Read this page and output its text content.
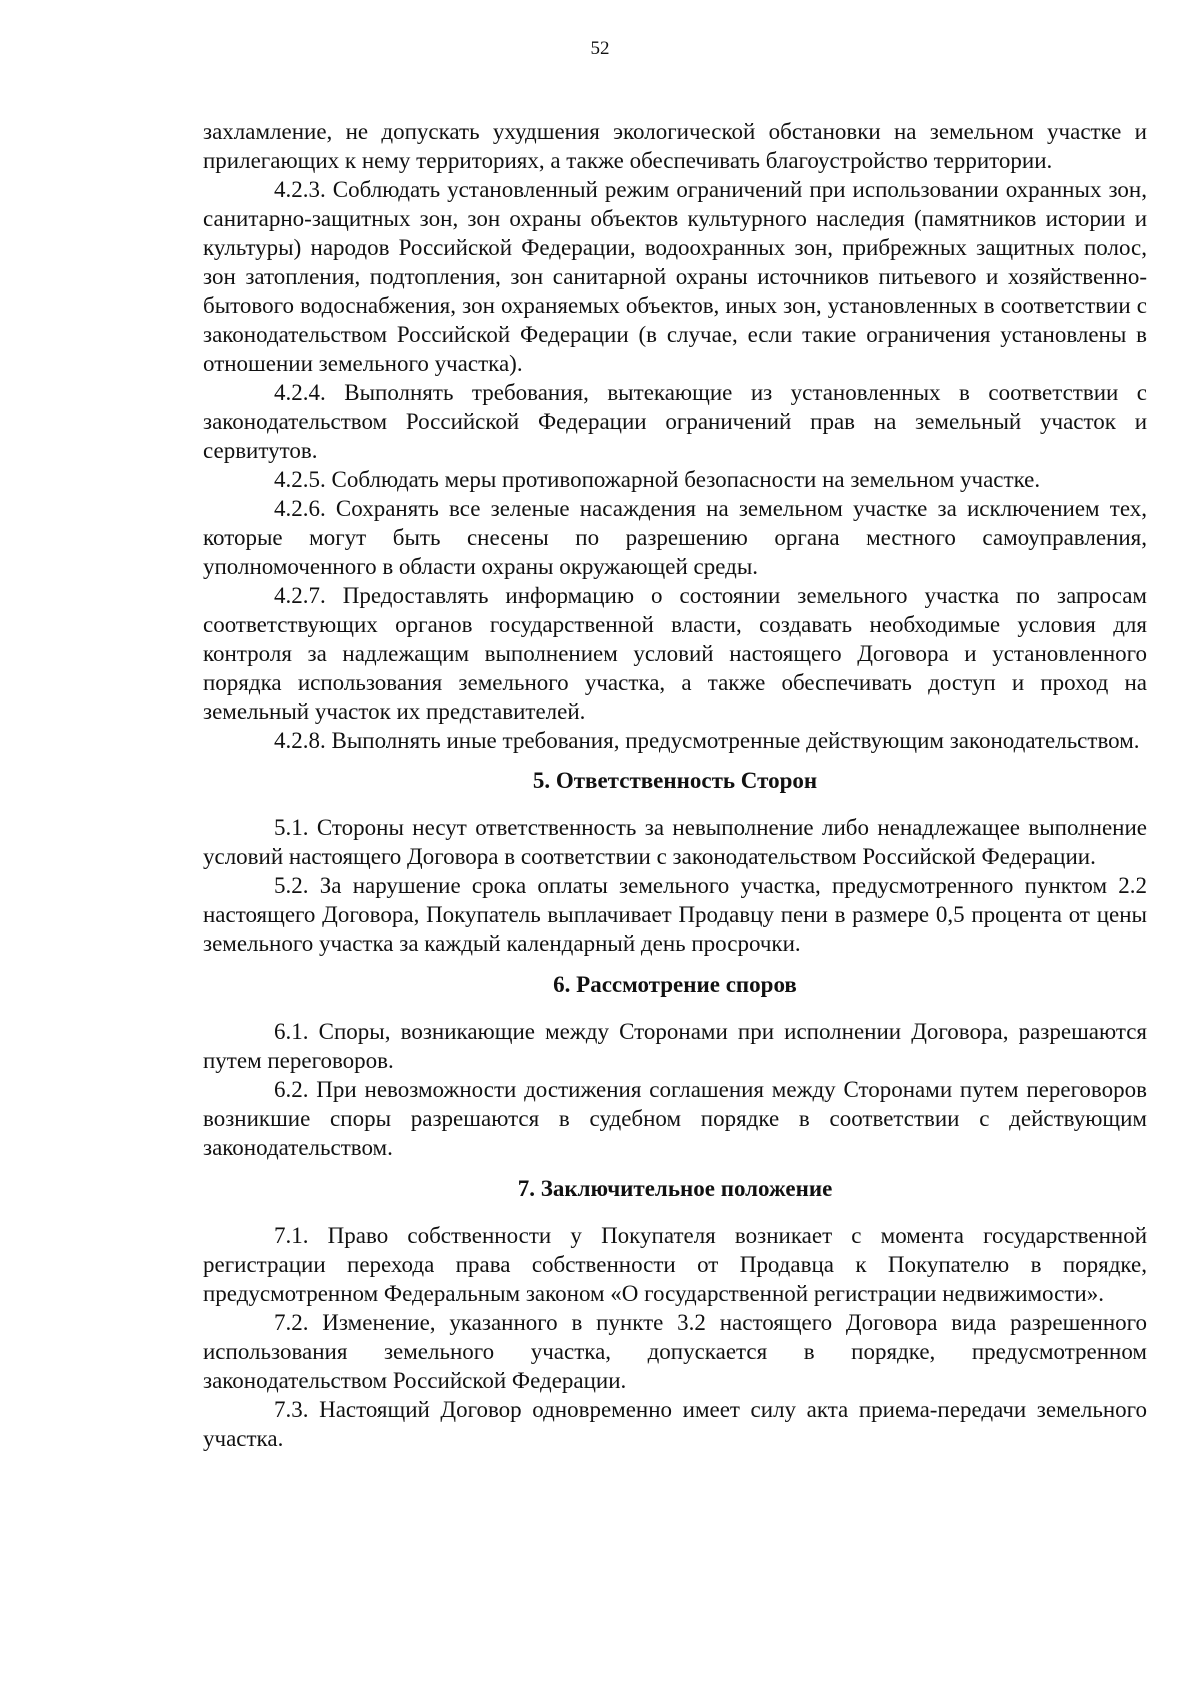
52

захламление, не допускать ухудшения экологической обстановки на земельном участке и прилегающих к нему территориях, а также обеспечивать благоустройство территории.

4.2.3. Соблюдать установленный режим ограничений при использовании охранных зон, санитарно-защитных зон, зон охраны объектов культурного наследия (памятников истории и культуры) народов Российской Федерации, водоохранных зон, прибрежных защитных полос, зон затопления, подтопления, зон санитарной охраны источников питьевого и хозяйственно-бытового водоснабжения, зон охраняемых объектов, иных зон, установленных в соответствии с законодательством Российской Федерации (в случае, если такие ограничения установлены в отношении земельного участка).

4.2.4. Выполнять требования, вытекающие из установленных в соответствии с законодательством Российской Федерации ограничений прав на земельный участок и сервитутов.

4.2.5. Соблюдать меры противопожарной безопасности на земельном участке.

4.2.6. Сохранять все зеленые насаждения на земельном участке за исключением тех, которые могут быть снесены по разрешению органа местного самоуправления, уполномоченного в области охраны окружающей среды.

4.2.7. Предоставлять информацию о состоянии земельного участка по запросам соответствующих органов государственной власти, создавать необходимые условия для контроля за надлежащим выполнением условий настоящего Договора и установленного порядка использования земельного участка, а также обеспечивать доступ и проход на земельный участок их представителей.

4.2.8. Выполнять иные требования, предусмотренные действующим законодательством.

5. Ответственность Сторон

5.1. Стороны несут ответственность за невыполнение либо ненадлежащее выполнение условий настоящего Договора в соответствии с законодательством Российской Федерации.

5.2. За нарушение срока оплаты земельного участка, предусмотренного пунктом 2.2 настоящего Договора, Покупатель выплачивает Продавцу пени в размере 0,5 процента от цены земельного участка за каждый календарный день просрочки.

6. Рассмотрение споров

6.1. Споры, возникающие между Сторонами при исполнении Договора, разрешаются путем переговоров.

6.2. При невозможности достижения соглашения между Сторонами путем переговоров возникшие споры разрешаются в судебном порядке в соответствии с действующим законодательством.

7. Заключительное положение

7.1. Право собственности у Покупателя возникает с момента государственной регистрации перехода права собственности от Продавца к Покупателю в порядке, предусмотренном Федеральным законом «О государственной регистрации недвижимости».

7.2. Изменение, указанного в пункте 3.2 настоящего Договора вида разрешенного использования земельного участка, допускается в порядке, предусмотренном законодательством Российской Федерации.

7.3. Настоящий Договор одновременно имеет силу акта приема-передачи земельного участка.
